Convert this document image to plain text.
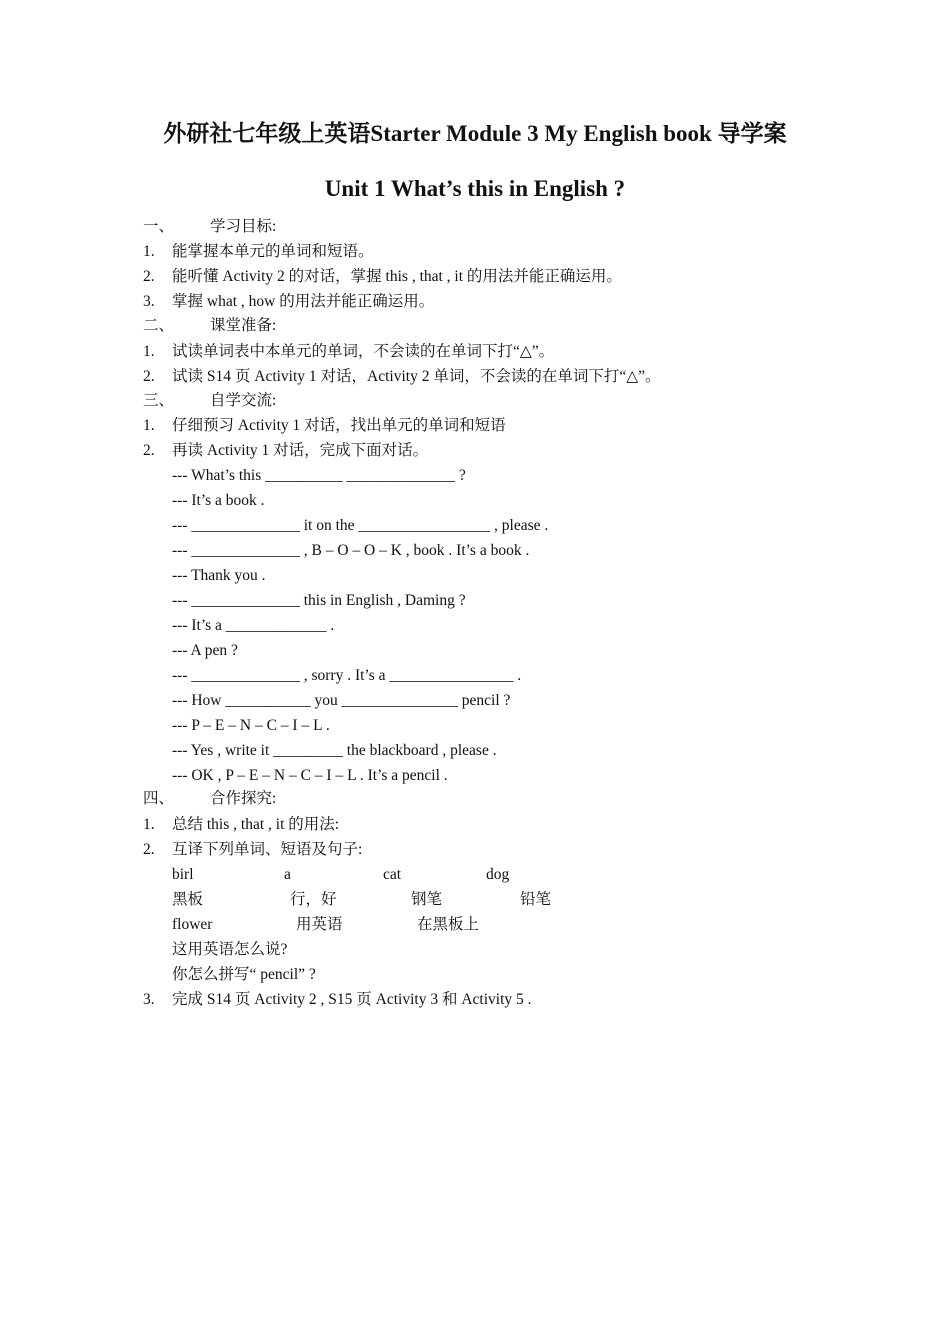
外研社七年级上英语Starter Module 3 My English book 导学案
Unit 1 What’s this in English ?
一、 学习目标:
1. 能掌握本单元的单词和短语。
2. 能听懂 Activity 2 的对话，掌握 this , that , it 的用法并能正确运用。
3. 掌握 what , how 的用法并能正确运用。
二、 课堂准备:
1. 试读单词表中本单元的单词，不会读的在单词下打“△”。
2. 试读 S14 页 Activity 1 对话，Activity 2 单词，不会读的在单词下打“△”。
三、 自学交流:
1. 仔细预习 Activity 1 对话，找出单元的单词和短语
2. 再读 Activity 1 对话，完成下面对话。
--- What’s this __________ ______________ ?
--- It’s a book .
--- ______________ it on the _________________ , please .
--- ______________ , B – O – O – K , book . It’s a book .
--- Thank you .
--- ______________ this in English , Daming ?
--- It’s a _____________ .
--- A pen ?
--- ______________ , sorry . It’s a ________________ .
--- How ___________ you _______________ pencil ?
--- P – E – N – C – I – L .
--- Yes , write it _________ the blackboard , please .
--- OK , P – E – N – C – I – L . It’s a pencil .
四、 合作探究:
1. 总结 this , that , it 的用法:
2. 互译下列单词、短语及句子:
birl	a	cat	dog
黑板	行，好	钢笔	铅笔
flower	用英语	在黑板上
这用英语怎么说?
你怎么拼写“ pencil” ?
3. 完成 S14 页 Activity 2 , S15 页 Activity 3 和 Activity 5 .
